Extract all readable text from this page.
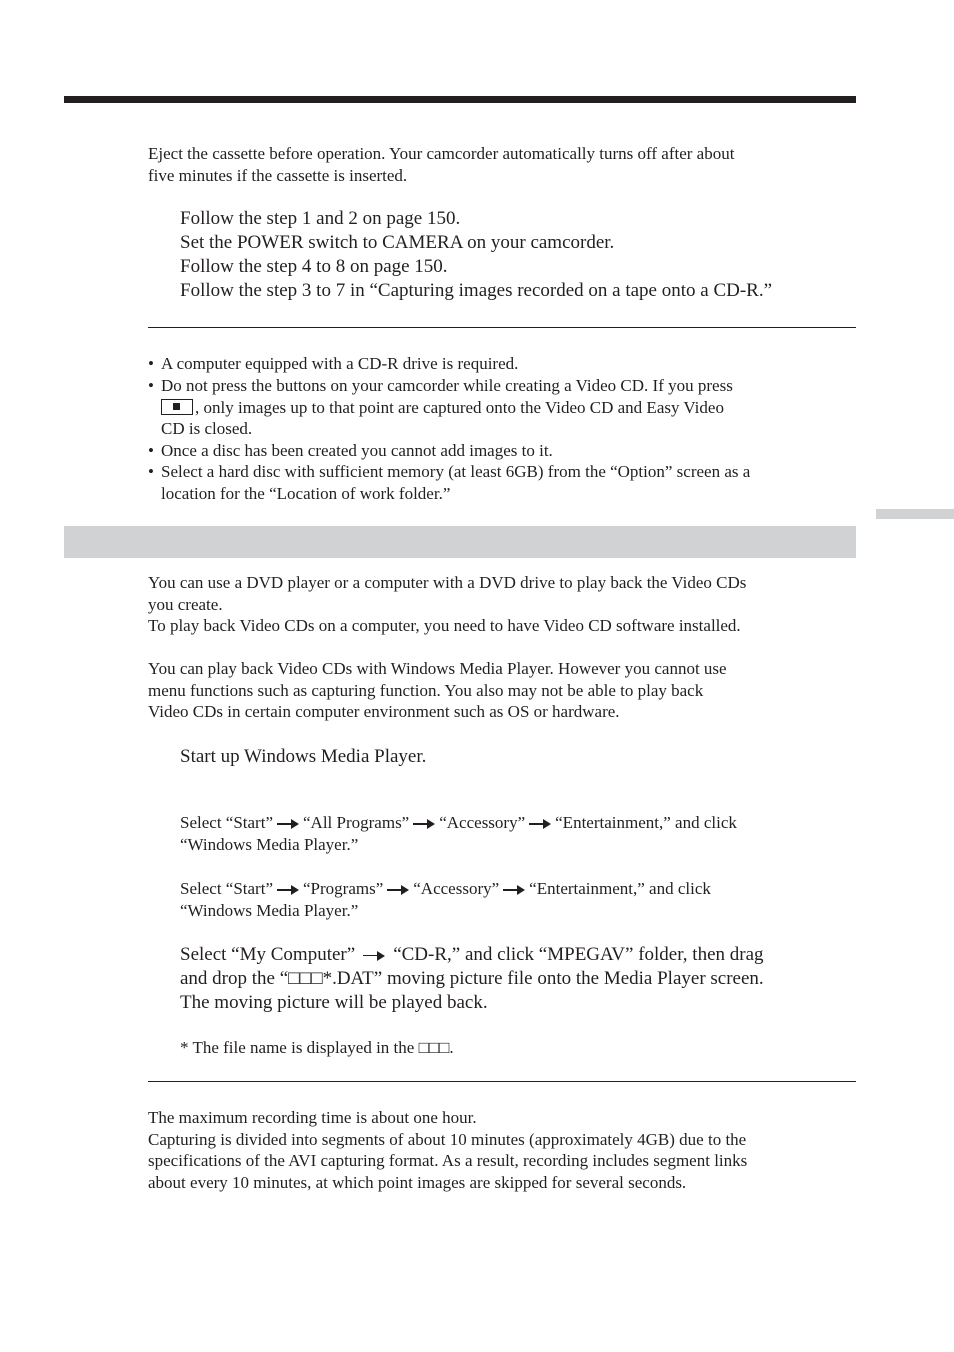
Eject the cassette before operation. Your camcorder automatically turns off after about
five minutes if the cassette is inserted.
Follow the step 1 and 2 on page 150.
Set the POWER switch to CAMERA on your camcorder.
Follow the step 4 to 8 on page 150.
Follow the step 3 to 7 in “Capturing images recorded on a tape onto a CD-R.”
• A computer equipped with a CD-R drive is required.
• Do not press the buttons on your camcorder while creating a Video CD. If you press
, only images up to that point are captured onto the Video CD and Easy Video
CD is closed.
• Once a disc has been created you cannot add images to it.
• Select a hard disc with sufficient memory (at least 6GB) from the “Option” screen as a
location for the “Location of work folder.”
You can use a DVD player or a computer with a DVD drive to play back the Video CDs
you create.
To play back Video CDs on a computer, you need to have Video CD software installed.
You can play back Video CDs with Windows Media Player. However you cannot use
menu functions such as capturing function. You also may not be able to play back
Video CDs in certain computer environment such as OS or hardware.
Start up Windows Media Player.
Select “Start” “All Programs” “Accessory” “Entertainment,” and click
“Windows Media Player.”
Select “Start” “Programs” “Accessory” “Entertainment,” and click
“Windows Media Player.”
Select “My Computer” “CD-R,” and click “MPEGAV” folder, then drag
and drop the “□□□*.DAT” moving picture file onto the Media Player screen.
The moving picture will be played back.
* The file name is displayed in the □□□.
The maximum recording time is about one hour.
Capturing is divided into segments of about 10 minutes (approximately 4GB) due to the
specifications of the AVI capturing format. As a result, recording includes segment links
about every 10 minutes, at which point images are skipped for several seconds.
